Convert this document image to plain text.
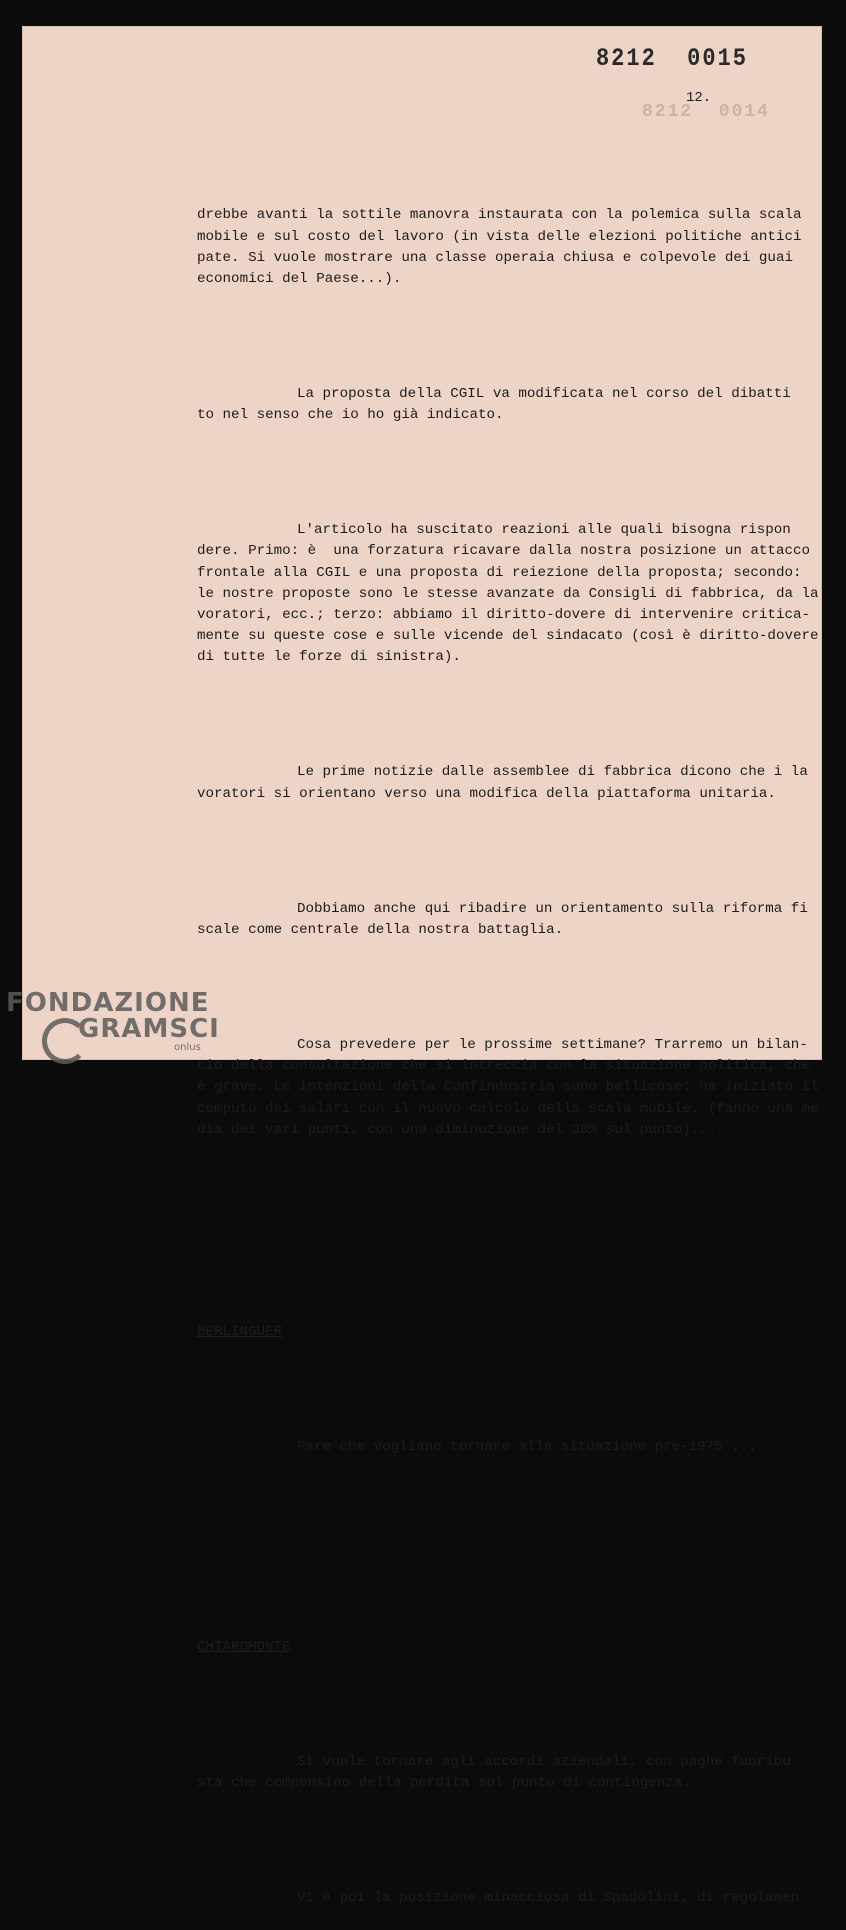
8212  0015
8212  0014
12.

drebbe avanti la sottile manovra instaurata con la polemica sulla scala
mobile e sul costo del lavoro (in vista delle elezioni politiche antici
pate. Si vuole mostrare una classe operaia chiusa e colpevole dei guai
economici del Paese...).

La proposta della CGIL va modificata nel corso del dibatti
to nel senso che io ho già indicato.

L'articolo ha suscitato reazioni alle quali bisogna rispon
dere. Primo: è  una forzatura ricavare dalla nostra posizione un attacco
frontale alla CGIL e una proposta di reiezione della proposta; secondo:
le nostre proposte sono le stesse avanzate da Consigli di fabbrica, da
voratori, ecc.; terzo: abbiamo il diritto-dovere di intervenire critica-
mente su queste cose e sulle vicende del sindacato (così è diritto-dovere
di tutte le forze di sinistra).

Le prime notizie dalle assemblee di fabbrica dicono che i la
voratori si orientano verso una modifica della piattaforma unitaria.

Dobbiamo anche qui ribadire un orientamento sulla riforma fi
scale come centrale della nostra battaglia.

Cosa prevedere per le prossime settimane? Trarremo un bilan-
cio della consultazione che si intreccia con la situazione politica, che
è grave. Le intenzioni della Confindustria sono bellicose: ha iniziato il
computo dei salari con il nuovo calcolo della scala mobile. (fanno una me
dia dei vari punti, con una diminuzione del 30% sul punto)...

BERLINGUER

Pare che vogliano tornare alla situazione pre-1975 ...

CHIAROMONTE

Si vuole tornare agli accordi aziendali, con paghe fuoribu
sta che compensino della perdita sul punto di contingenza.

Vi è poi la posizione minacciosa di Spadolini, di regolamen

FONDAZIONE
GRAMSCI
onlus
